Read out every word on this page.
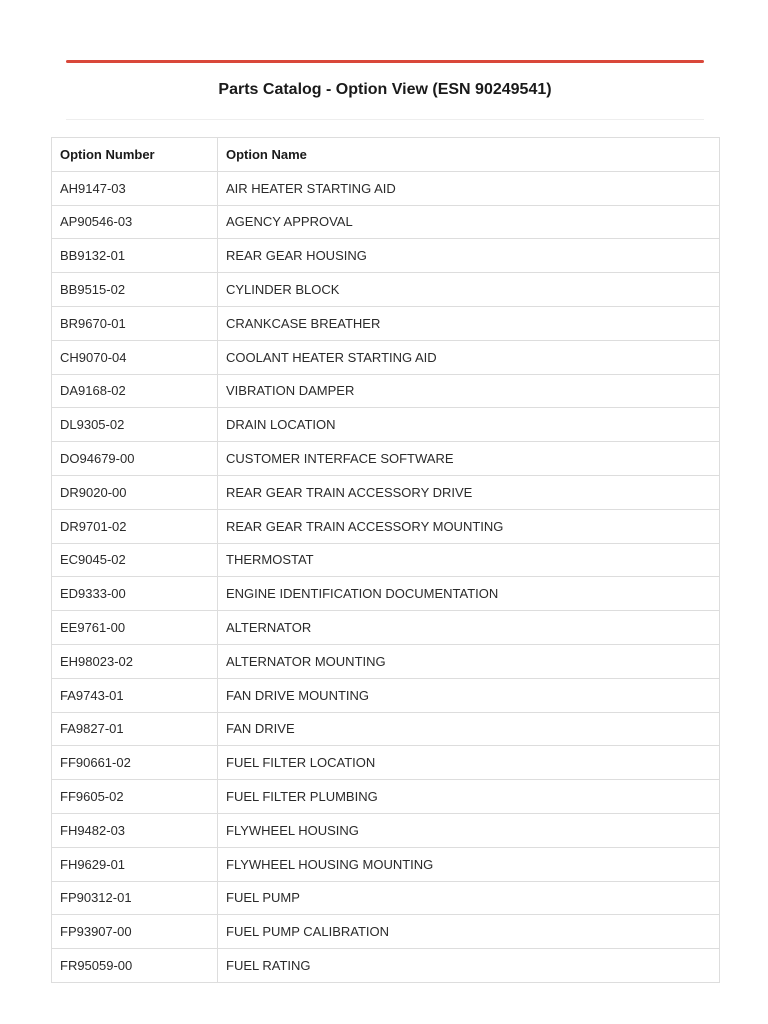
Parts Catalog - Option View (ESN 90249541)
Option Number	Option Name
AH9147-03	AIR HEATER STARTING AID
AP90546-03	AGENCY APPROVAL
BB9132-01	REAR GEAR HOUSING
BB9515-02	CYLINDER BLOCK
BR9670-01	CRANKCASE BREATHER
CH9070-04	COOLANT HEATER STARTING AID
DA9168-02	VIBRATION DAMPER
DL9305-02	DRAIN LOCATION
DO94679-00	CUSTOMER INTERFACE SOFTWARE
DR9020-00	REAR GEAR TRAIN ACCESSORY DRIVE
DR9701-02	REAR GEAR TRAIN ACCESSORY MOUNTING
EC9045-02	THERMOSTAT
ED9333-00	ENGINE IDENTIFICATION DOCUMENTATION
EE9761-00	ALTERNATOR
EH98023-02	ALTERNATOR MOUNTING
FA9743-01	FAN DRIVE MOUNTING
FA9827-01	FAN DRIVE
FF90661-02	FUEL FILTER LOCATION
FF9605-02	FUEL FILTER PLUMBING
FH9482-03	FLYWHEEL HOUSING
FH9629-01	FLYWHEEL HOUSING MOUNTING
FP90312-01	FUEL PUMP
FP93907-00	FUEL PUMP CALIBRATION
FR95059-00	FUEL RATING
